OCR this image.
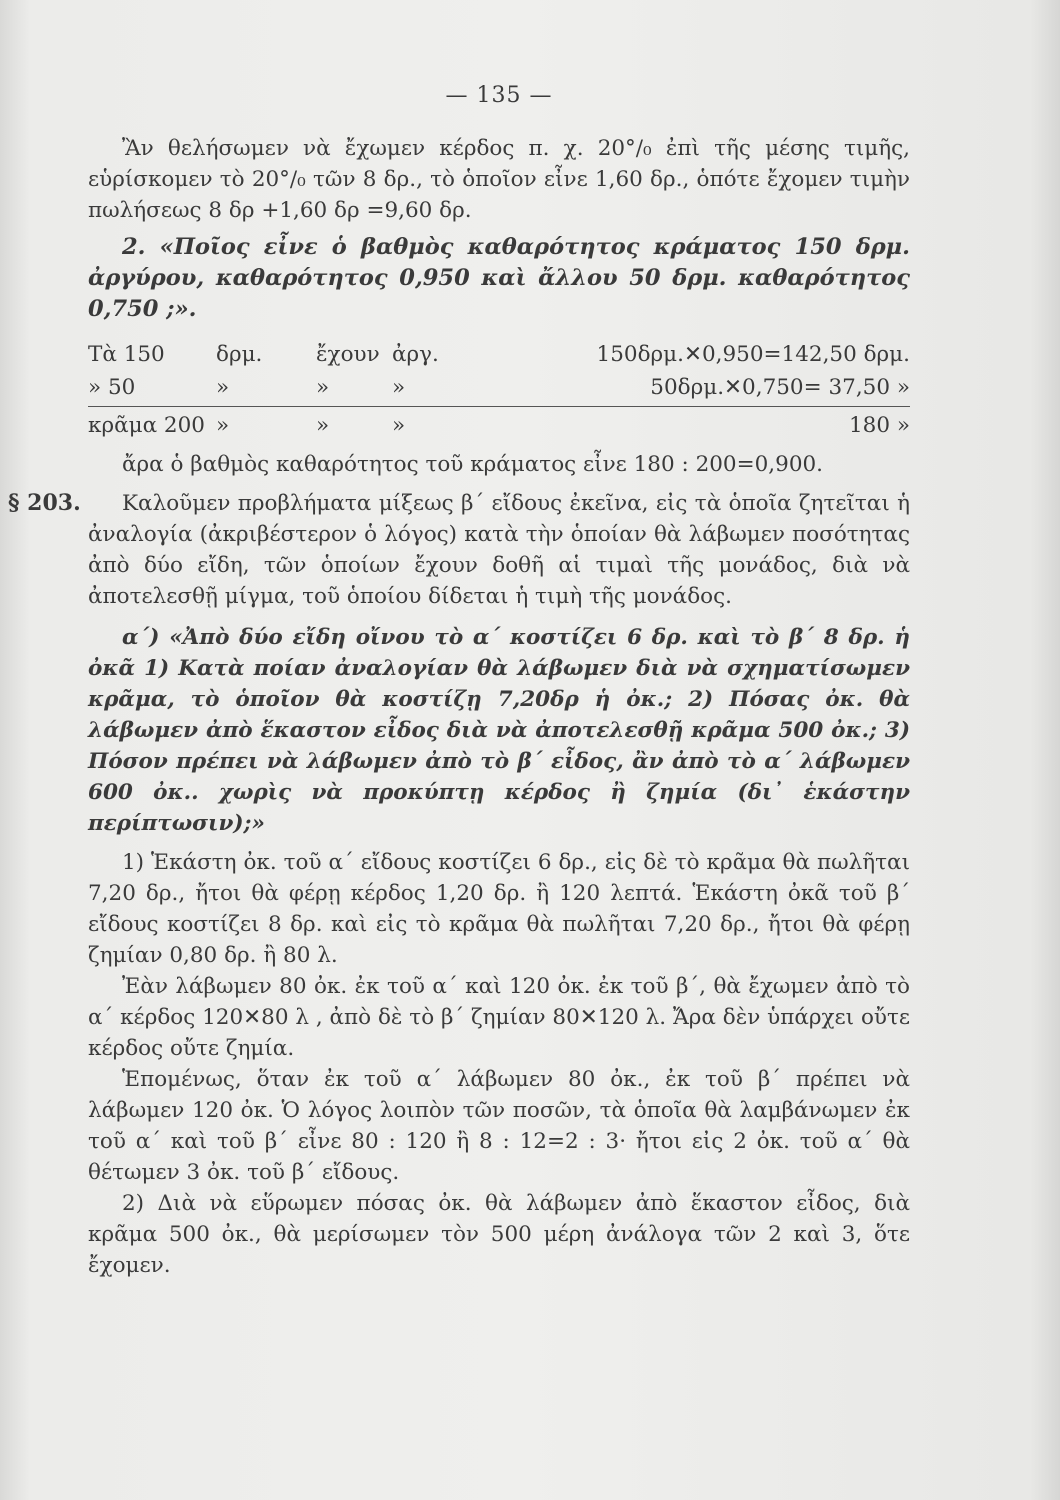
— 135 —

Ἂν θελήσωμεν νὰ ἔχωμεν κέρδος π. χ. 20°/₀ ἐπὶ τῆς μέσης τιμῆς, εὑρίσκομεν τὸ 20°/₀ τῶν 8 δρ., τὸ ὁποῖον εἶνε 1,60 δρ., ὁπότε ἔχομεν τιμὴν πωλήσεως 8 δρ +1,60 δρ =9,60 δρ.

2. «Ποῖος εἶνε ὁ βαθμὸς καθαρότητος κράματος 150 δρμ. ἀργύρου, καθαρότητος 0,950 καὶ ἄλλου 50 δρμ. καθαρότητος 0,750 ;».

Τὰ 150	δρμ.	ἔχουν ἀργ.	150δρμ.✕0,950=142,50 δρμ.
» 50	»	»	»	50δρμ.✕0,750= 37,50 »
κρᾶμα 200 »	»	»	180 »

ἄρα ὁ βαθμὸς καθαρότητος τοῦ κράματος εἶνε 180 : 200=0,900.

§ 203.	Καλοῦμεν προβλήματα μίξεως β΄ εἴδους ἐκεῖνα, εἰς τὰ ὁποῖα ζητεῖται ἡ ἀναλογία (ἀκριβέστερον ὁ λόγος) κατὰ τὴν ὁποίαν θὰ λάβωμεν ποσότητας ἀπὸ δύο εἴδη, τῶν ὁποίων ἔχουν δοθῆ αἱ τιμαὶ τῆς μονάδος, διὰ νὰ ἀποτελεσθῇ μίγμα, τοῦ ὁποίου δίδεται ἡ τιμὴ τῆς μονάδος.

α΄) «Ἀπὸ δύο εἴδη οἴνου τὸ α΄ κοστίζει 6 δρ. καὶ τὸ β΄ 8 δρ. ἡ ὀκᾶ 1) Κατὰ ποίαν ἀναλογίαν θὰ λάβωμεν διὰ νὰ σχηματίσωμεν κρᾶμα, τὸ ὁποῖον θὰ κοστίζῃ 7,20δρ ἡ ὀκ.; 2) Πόσας ὀκ. θὰ λάβωμεν ἀπὸ ἕκαστον εἶδος διὰ νὰ ἀποτελεσθῇ κρᾶμα 500 ὀκ.; 3) Πόσον πρέπει νὰ λάβωμεν ἀπὸ τὸ β΄ εἶδος, ἂν ἀπὸ τὸ α΄ λάβωμεν 600 ὀκ.. χωρὶς νὰ προκύπτῃ κέρδος ἢ ζημία (δι᾽ ἑκάστην περίπτωσιν);»

1) Ἑκάστη ὀκ. τοῦ α΄ εἴδους κοστίζει 6 δρ., εἰς δὲ τὸ κρᾶμα θὰ πωλῆται 7,20 δρ., ἤτοι θὰ φέρῃ κέρδος 1,20 δρ. ἢ 120 λεπτά. Ἑκάστη ὀκᾶ τοῦ β΄ εἴδους κοστίζει 8 δρ. καὶ εἰς τὸ κρᾶμα θὰ πωλῆται 7,20 δρ., ἤτοι θὰ φέρῃ ζημίαν 0,80 δρ. ἢ 80 λ.

Ἐὰν λάβωμεν 80 ὀκ. ἐκ τοῦ α΄ καὶ 120 ὀκ. ἐκ τοῦ β΄, θὰ ἔχωμεν ἀπὸ τὸ α΄ κέρδος 120✕80 λ , ἀπὸ δὲ τὸ β΄ ζημίαν 80✕120 λ. Ἄρα δὲν ὑπάρχει οὔτε κέρδος οὔτε ζημία.

Ἑπομένως, ὅταν ἐκ τοῦ α΄ λάβωμεν 80 ὀκ., ἐκ τοῦ β΄ πρέπει νὰ λάβωμεν 120 ὀκ. Ὁ λόγος λοιπὸν τῶν ποσῶν, τὰ ὁποῖα θὰ λαμβάνωμεν ἐκ τοῦ α΄ καὶ τοῦ β΄ εἶνε 80 : 120 ἢ 8 : 12=2 : 3· ἤτοι εἰς 2 ὀκ. τοῦ α΄ θὰ θέτωμεν 3 ὀκ. τοῦ β΄ εἴδους.

2) Διὰ νὰ εὕρωμεν πόσας ὀκ. θὰ λάβωμεν ἀπὸ ἕκαστον εἶδος, διὰ κρᾶμα 500 ὀκ., θὰ μερίσωμεν τὸν 500 μέρη ἀνάλογα τῶν 2 καὶ 3, ὅτε ἔχομεν.
